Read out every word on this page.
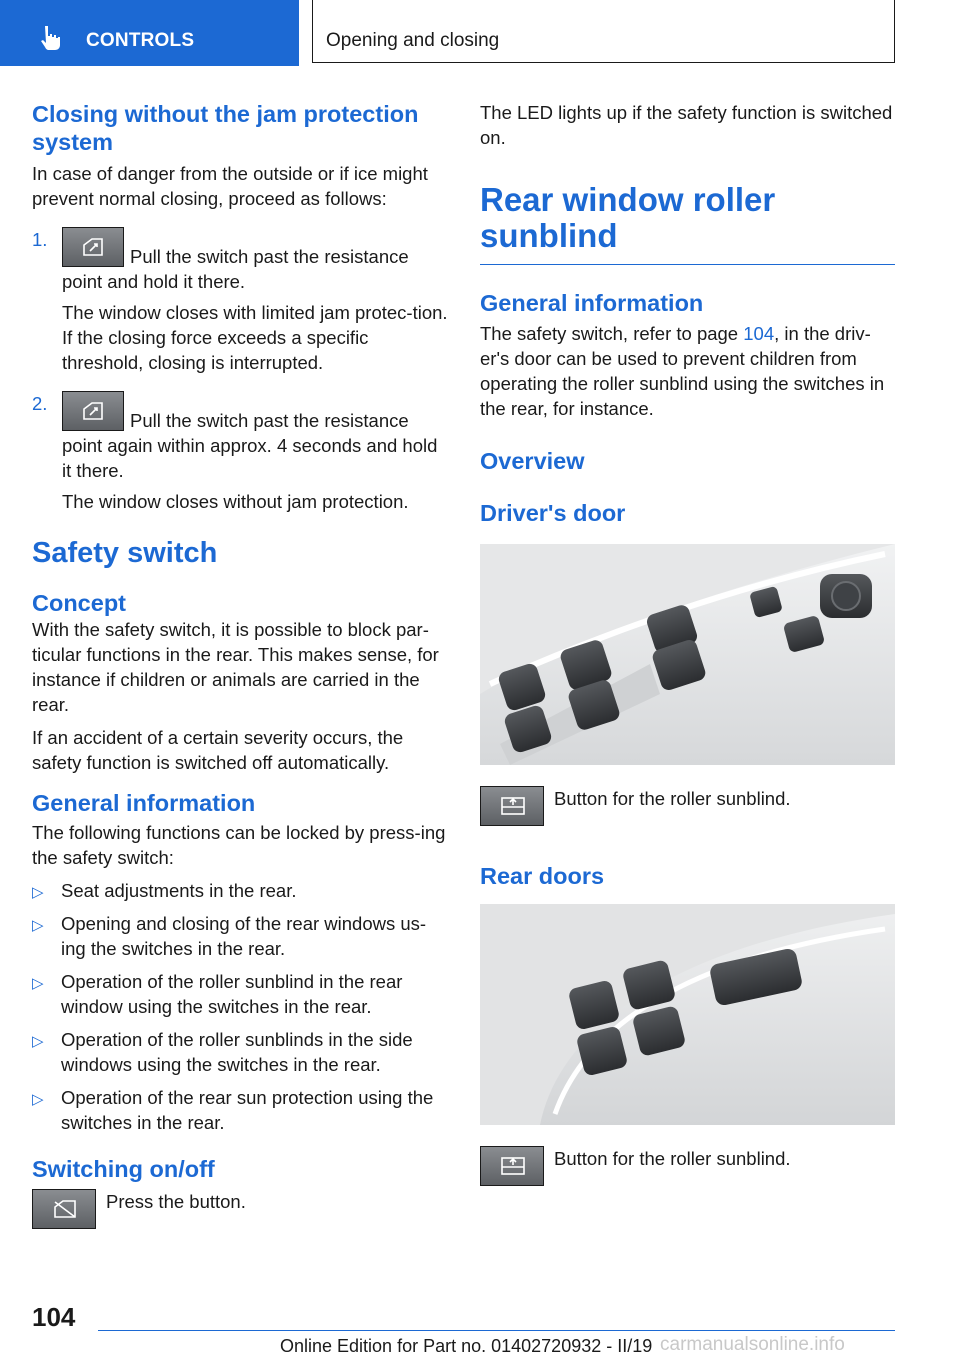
CONTROLS	Opening and closing
Closing without the jam protection system

In case of danger from the outside or if ice might prevent normal closing, proceed as follows:

1.

Pull the switch past the resistance point and hold it there.

The window closes with limited jam protec-tion. If the closing force exceeds a specific threshold, closing is interrupted.

2.

Pull the switch past the resistance point again within approx. 4 seconds and hold it there.

The window closes without jam protection.

Safety switch
Concept

With the safety switch, it is possible to block par-ticular functions in the rear. This makes sense, for instance if children or animals are carried in the rear.

If an accident of a certain severity occurs, the safety function is switched off automatically.

General information

The following functions can be locked by press-ing the safety switch:

▷ Seat adjustments in the rear.
▷ Opening and closing of the rear windows us-ing the switches in the rear.
▷ Operation of the roller sunblind in the rear window using the switches in the rear.
▷ Operation of the roller sunblinds in the side windows using the switches in the rear.
▷ Operation of the rear sun protection using the switches in the rear.
Switching on/off

Press the button.

The LED lights up if the safety function is switched on.

Rear window roller sunblind
General information

The safety switch, refer to page 104, in the driv-er's door can be used to prevent children from operating the roller sunblind using the switches in the rear, for instance.

Overview
Driver's door

Button for the roller sunblind.

Rear doors

Button for the roller sunblind.

104
Online Edition for Part no. 01402720932 - II/19 carmanualsonline.info
